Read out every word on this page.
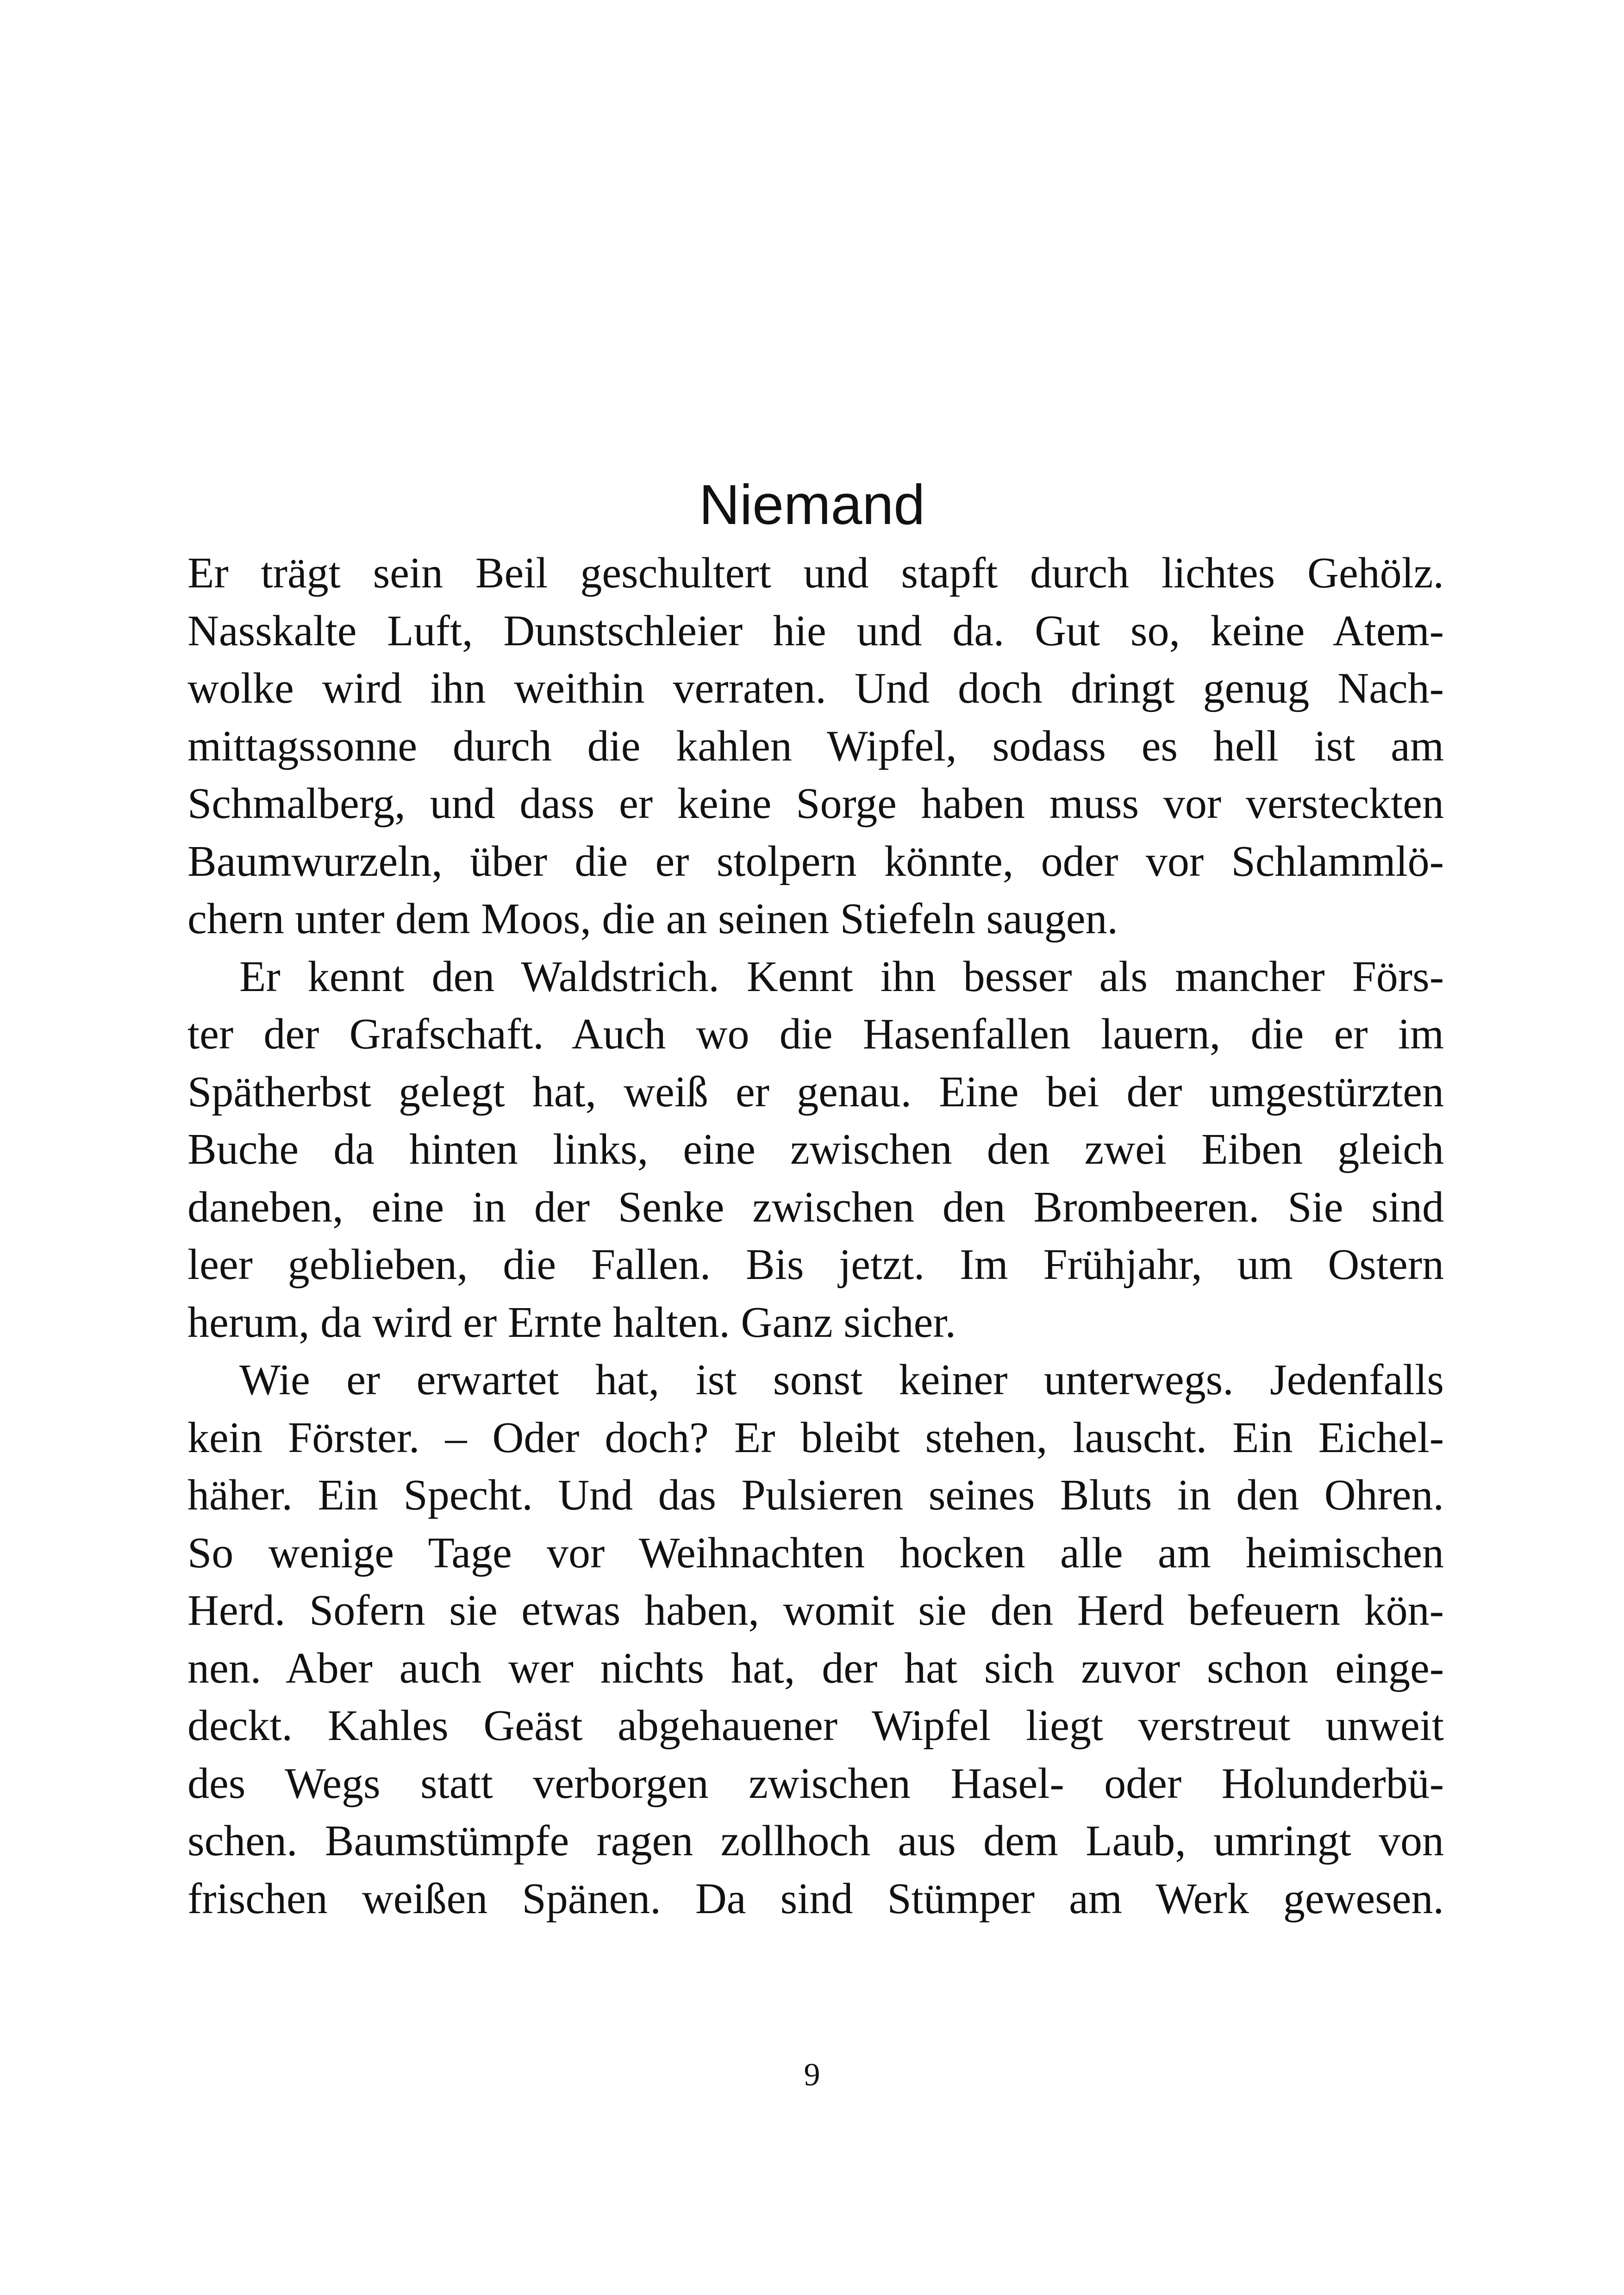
Niemand
Er trägt sein Beil geschultert und stapft durch lichtes Gehölz.
Nasskalte Luft, Dunstschleier hie und da. Gut so, keine Atem-
wolke wird ihn weithin verraten. Und doch dringt genug Nach-
mittagssonne durch die kahlen Wipfel, sodass es hell ist am
Schmalberg, und dass er keine Sorge haben muss vor versteckten
Baumwurzeln, über die er stolpern könnte, oder vor Schlammlö-
chern unter dem Moos, die an seinen Stiefeln saugen.
Er kennt den Waldstrich. Kennt ihn besser als mancher Förs-
ter der Grafschaft. Auch wo die Hasenfallen lauern, die er im
Spätherbst gelegt hat, weiß er genau. Eine bei der umgestürzten
Buche da hinten links, eine zwischen den zwei Eiben gleich
daneben, eine in der Senke zwischen den Brombeeren. Sie sind
leer geblieben, die Fallen. Bis jetzt. Im Frühjahr, um Ostern
herum, da wird er Ernte halten. Ganz sicher.
Wie er erwartet hat, ist sonst keiner unterwegs. Jedenfalls
kein Förster. – Oder doch? Er bleibt stehen, lauscht. Ein Eichel-
häher. Ein Specht. Und das Pulsieren seines Bluts in den Ohren.
So wenige Tage vor Weihnachten hocken alle am heimischen
Herd. Sofern sie etwas haben, womit sie den Herd befeuern kön-
nen. Aber auch wer nichts hat, der hat sich zuvor schon einge-
deckt. Kahles Geäst abgehauener Wipfel liegt verstreut unweit
des Wegs statt verborgen zwischen Hasel- oder Holunderbü-
schen. Baumstümpfe ragen zollhoch aus dem Laub, umringt von
frischen weißen Spänen. Da sind Stümper am Werk gewesen.
9
